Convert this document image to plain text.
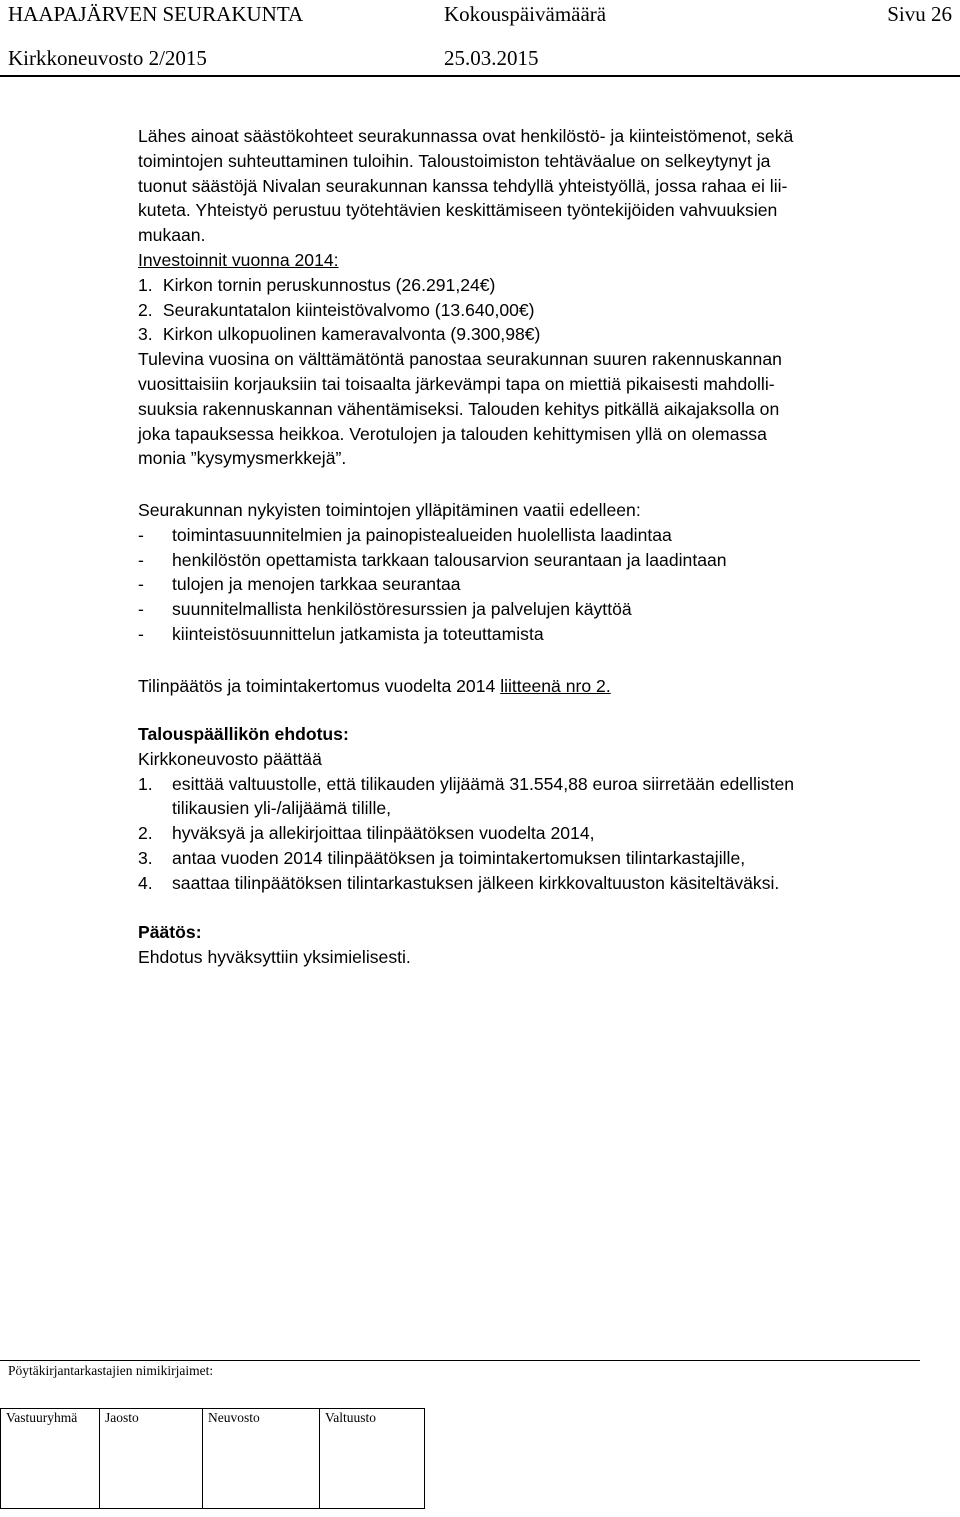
HAAPAJÄRVEN SEURAKUNTA	Kokouspäivämäärä	Sivu 26
Kirkkoneuvosto 2/2015	25.03.2015
Lähes ainoat säästökohteet seurakunnassa ovat henkilöstö- ja kiinteistömenot, sekä
toimintojen suhteuttaminen tuloihin. Taloustoimiston tehtäväalue on selkeytynyt ja
tuonut säästöjä Nivalan seurakunnan kanssa tehdyllä yhteistyöllä, jossa rahaa ei lii-
kuteta. Yhteistyö perustuu työtehtävien keskittämiseen työntekijöiden vahvuuksien
mukaan.
Investoinnit vuonna 2014:
1. Kirkon tornin peruskunnostus (26.291,24€)
2. Seurakuntatalon kiinteistövalvomo (13.640,00€)
3. Kirkon ulkopuolinen kameravalvonta (9.300,98€)
Tulevina vuosina on välttämätöntä panostaa seurakunnan suuren rakennuskannan
vuosittaisiin korjauksiin tai toisaalta järkevämpi tapa on miettiä pikaisesti mahdolli-
suuksia rakennuskannan vähentämiseksi. Talouden kehitys pitkällä aikajaksolla on
joka tapauksessa heikkoa. Verotulojen ja talouden kehittymisen yllä on olemassa
monia ”kysymysmerkkejä”.
Seurakunnan nykyisten toimintojen ylläpitäminen vaatii edelleen:
- toimintasuunnitelmien ja painopistealueiden huolellista laadintaa
- henkilöstön opettamista tarkkaan talousarvion seurantaan ja laadintaan
- tulojen ja menojen tarkkaa seurantaa
- suunnitelmallista henkilöstöresurssien ja palvelujen käyttöä
- kiinteistösuunnittelun jatkamista ja toteuttamista
Tilinpäätös ja toimintakertomus vuodelta 2014 liitteenä nro 2.
Talouspäällikön ehdotus:
Kirkkoneuvosto päättää
1. esittää valtuustolle, että tilikauden ylijäämä 31.554,88 euroa siirretään edellisten
tilikausien yli-/alijäämä tilille,
2. hyväksyä ja allekirjoittaa tilinpäätöksen vuodelta 2014,
3. antaa vuoden 2014 tilinpäätöksen ja toimintakertomuksen tilintarkastajille,
4. saattaa tilinpäätöksen tilintarkastuksen jälkeen kirkkovaltuuston käsiteltäväksi.
Päätös:
Ehdotus hyväksyttiin yksimielisesti.
Pöytäkirjantarkastajien nimikirjaimet:
Vastuuryhmä	Jaosto	Neuvosto	Valtuusto
